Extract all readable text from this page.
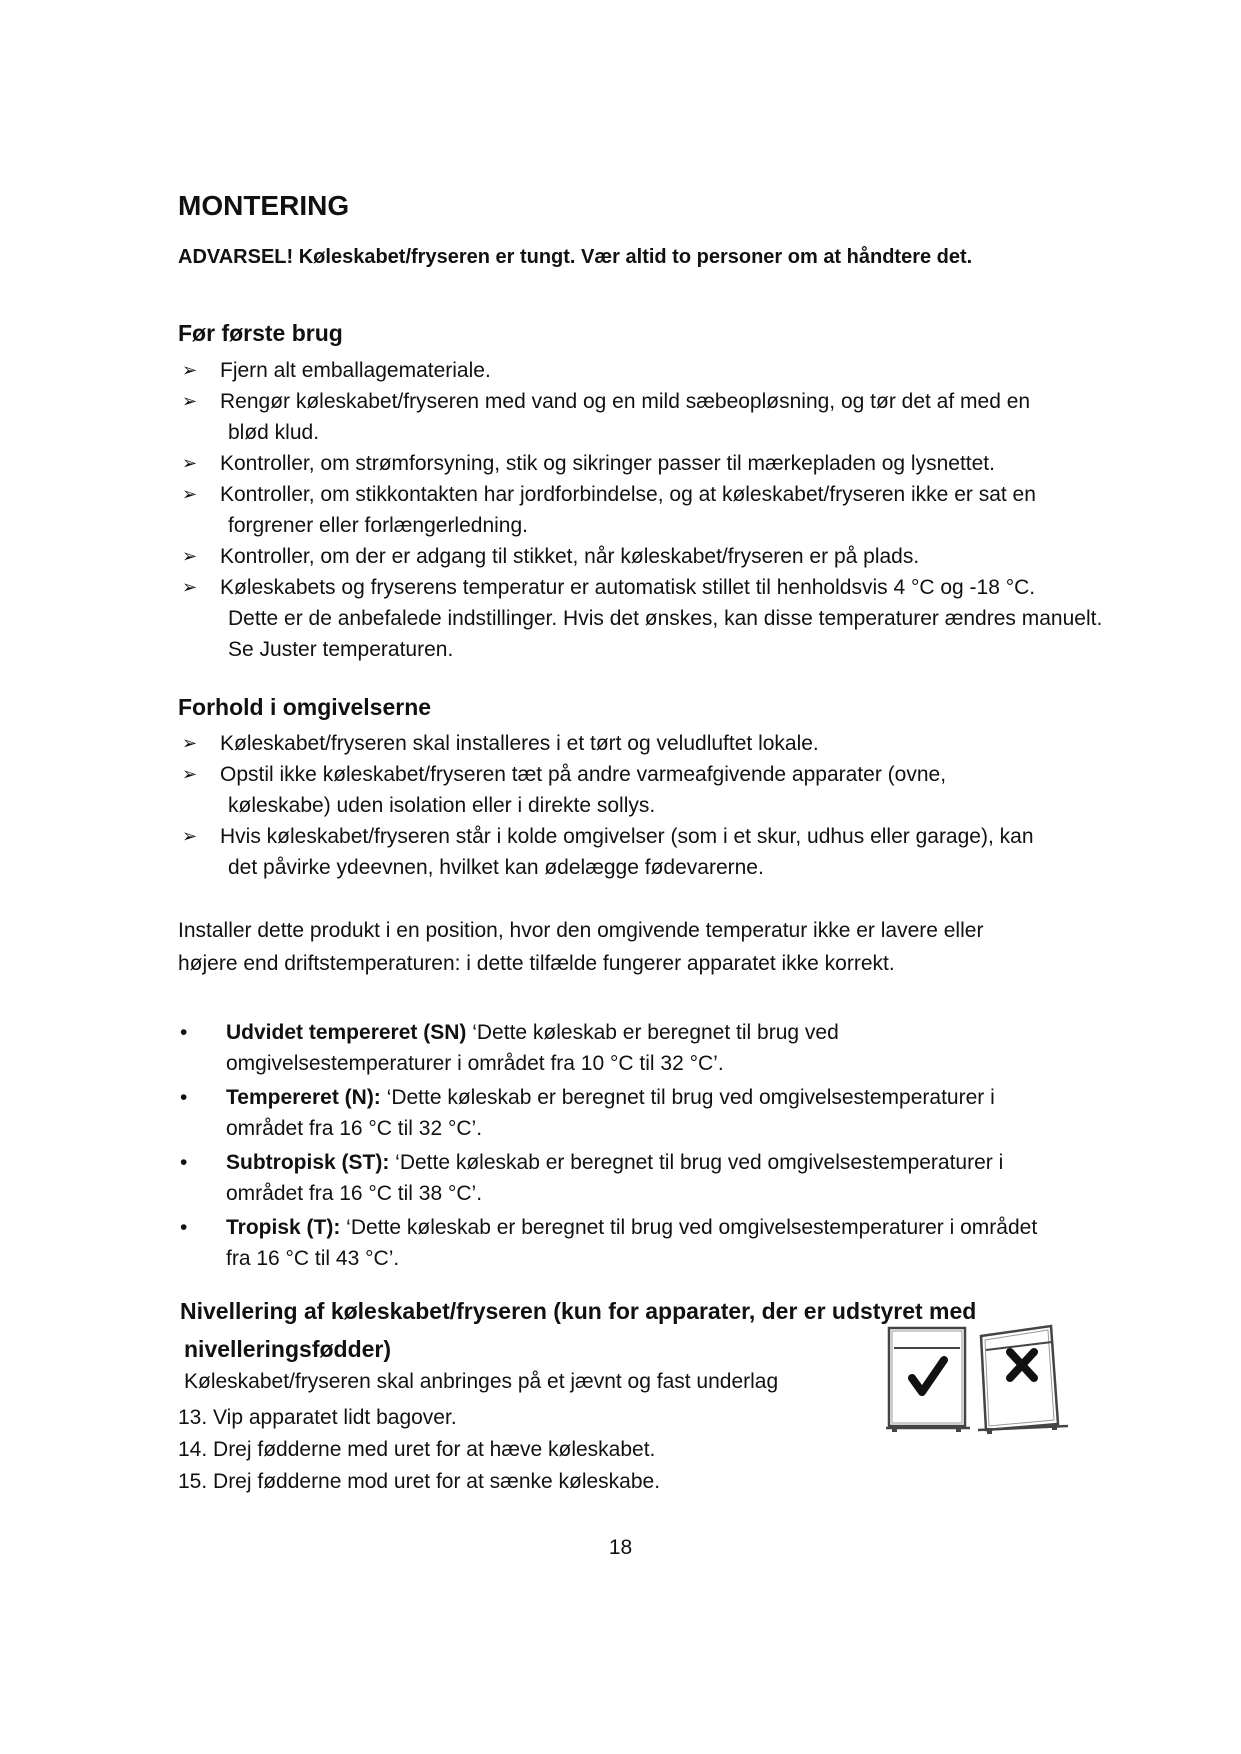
MONTERING

ADVARSEL! Køleskabet/fryseren er tungt. Vær altid to personer om at håndtere det.

Før første brug
➢ Fjern alt emballagemateriale.
➢ Rengør køleskabet/fryseren med vand og en mild sæbeopløsning, og tør det af med en
blød klud.
➢ Kontroller, om strømforsyning, stik og sikringer passer til mærkepladen og lysnettet.
➢ Kontroller, om stikkontakten har jordforbindelse, og at køleskabet/fryseren ikke er sat en
forgrener eller forlængerledning.
➢ Kontroller, om der er adgang til stikket, når køleskabet/fryseren er på plads.
➢ Køleskabets og fryserens temperatur er automatisk stillet til henholdsvis 4 °C og -18 °C.
Dette er de anbefalede indstillinger. Hvis det ønskes, kan disse temperaturer ændres manuelt. Se Juster temperaturen.
Forhold i omgivelserne
➢ Køleskabet/fryseren skal installeres i et tørt og veludluftet lokale.
➢ Opstil ikke køleskabet/fryseren tæt på andre varmeafgivende apparater (ovne,
køleskabe) uden isolation eller i direkte sollys.
➢ Hvis køleskabet/fryseren står i kolde omgivelser (som i et skur, udhus eller garage), kan
det påvirke ydeevnen, hvilket kan ødelægge fødevarerne.

Installer dette produkt i en position, hvor den omgivende temperatur ikke er lavere eller
højere end driftstemperaturen: i dette tilfælde fungerer apparatet ikke korrekt.

• Udvidet tempereret (SN) ‘Dette køleskab er beregnet til brug ved
omgivelsestemperaturer i området fra 10 °C til 32 °C’.
• Tempereret (N): ‘Dette køleskab er beregnet til brug ved omgivelsestemperaturer i
området fra 16 °C til 32 °C’.
• Subtropisk (ST): ‘Dette køleskab er beregnet til brug ved omgivelsestemperaturer i
området fra 16 °C til 38 °C’.
• Tropisk (T): ‘Dette køleskab er beregnet til brug ved omgivelsestemperaturer i området
fra 16 °C til 43 °C’.
Nivellering af køleskabet/fryseren (kun for apparater, der er udstyret med
nivelleringsfødder)

Køleskabet/fryseren skal anbringes på et jævnt og fast underlag

13. Vip apparatet lidt bagover.
14. Drej fødderne med uret for at hæve køleskabet.
15. Drej fødderne mod uret for at sænke køleskabe.

18
